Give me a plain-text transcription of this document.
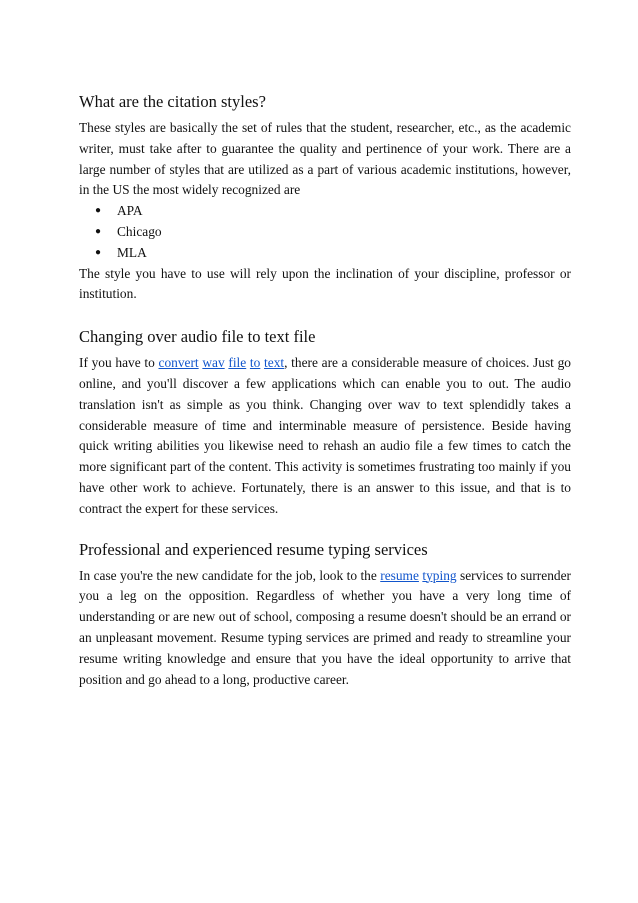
What are the citation styles?

These styles are basically the set of rules that the student, researcher, etc., as the academic writer, must take after to guarantee the quality and pertinence of your work. There are a large number of styles that are utilized as a part of various academic institutions, however, in the US the most widely recognized are

●	APA
●	Chicago
●	MLA

The style you have to use will rely upon the inclination of your discipline, professor or institution.

Changing over audio file to text file

If you have to convert wav file to text, there are a considerable measure of choices. Just go online, and you'll discover a few applications which can enable you to out. The audio translation isn't as simple as you think. Changing over wav to text splendidly takes a considerable measure of time and interminable measure of persistence. Beside having quick writing abilities you likewise need to rehash an audio file a few times to catch the more significant part of the content. This activity is sometimes frustrating too mainly if you have other work to achieve. Fortunately, there is an answer to this issue, and that is to contract the expert for these services.

Professional and experienced resume typing services

In case you're the new candidate for the job, look to the resume typing services to surrender you a leg on the opposition. Regardless of whether you have a very long time of understanding or are new out of school, composing a resume doesn't should be an errand or an unpleasant movement. Resume typing services are primed and ready to streamline your resume writing knowledge and ensure that you have the ideal opportunity to arrive that position and go ahead to a long, productive career.
